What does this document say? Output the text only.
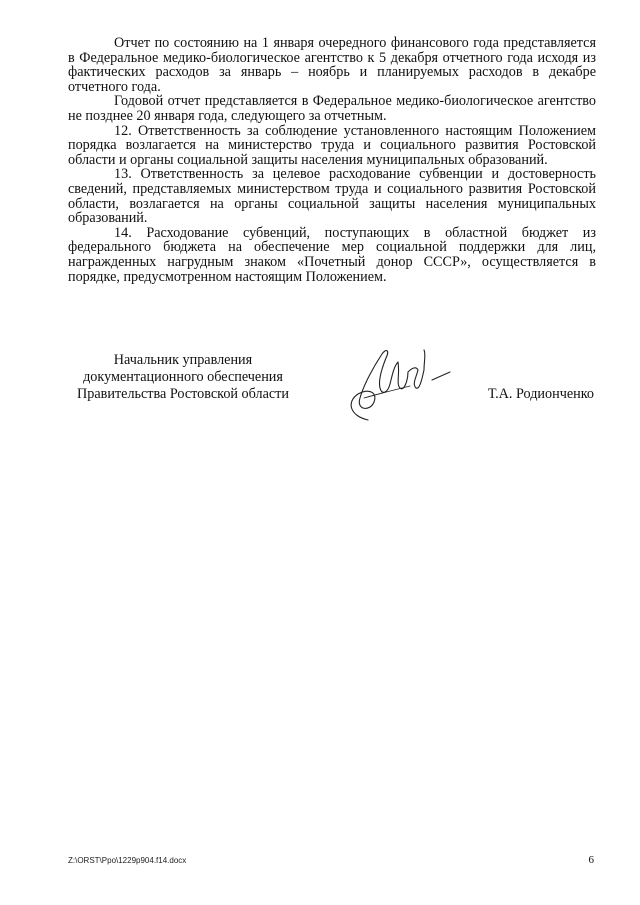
Отчет по состоянию на 1 января очередного финансового года представляется в Федеральное медико-биологическое агентство к 5 декабря отчетного года исходя из фактических расходов за январь – ноябрь и планируемых расходов в декабре отчетного года.

Годовой отчет представляется в Федеральное медико-биологическое агентство не позднее 20 января года, следующего за отчетным.

12. Ответственность за соблюдение установленного настоящим Положением порядка возлагается на министерство труда и социального развития Ростовской области и органы социальной защиты населения муниципальных образований.

13. Ответственность за целевое расходование субвенции и достоверность сведений, представляемых министерством труда и социального развития Ростовской области, возлагается на органы социальной защиты населения муниципальных образований.

14. Расходование субвенций, поступающих в областной бюджет из федерального бюджета на обеспечение мер социальной поддержки для лиц, награжденных нагрудным знаком «Почетный донор СССР», осуществляется в порядке, предусмотренном настоящим Положением.

Начальник управления
документационного обеспечения
Правительства Ростовской области	Т.А. Родионченко
Z:\ORST\Ppo\1229p904.f14.docx	6
